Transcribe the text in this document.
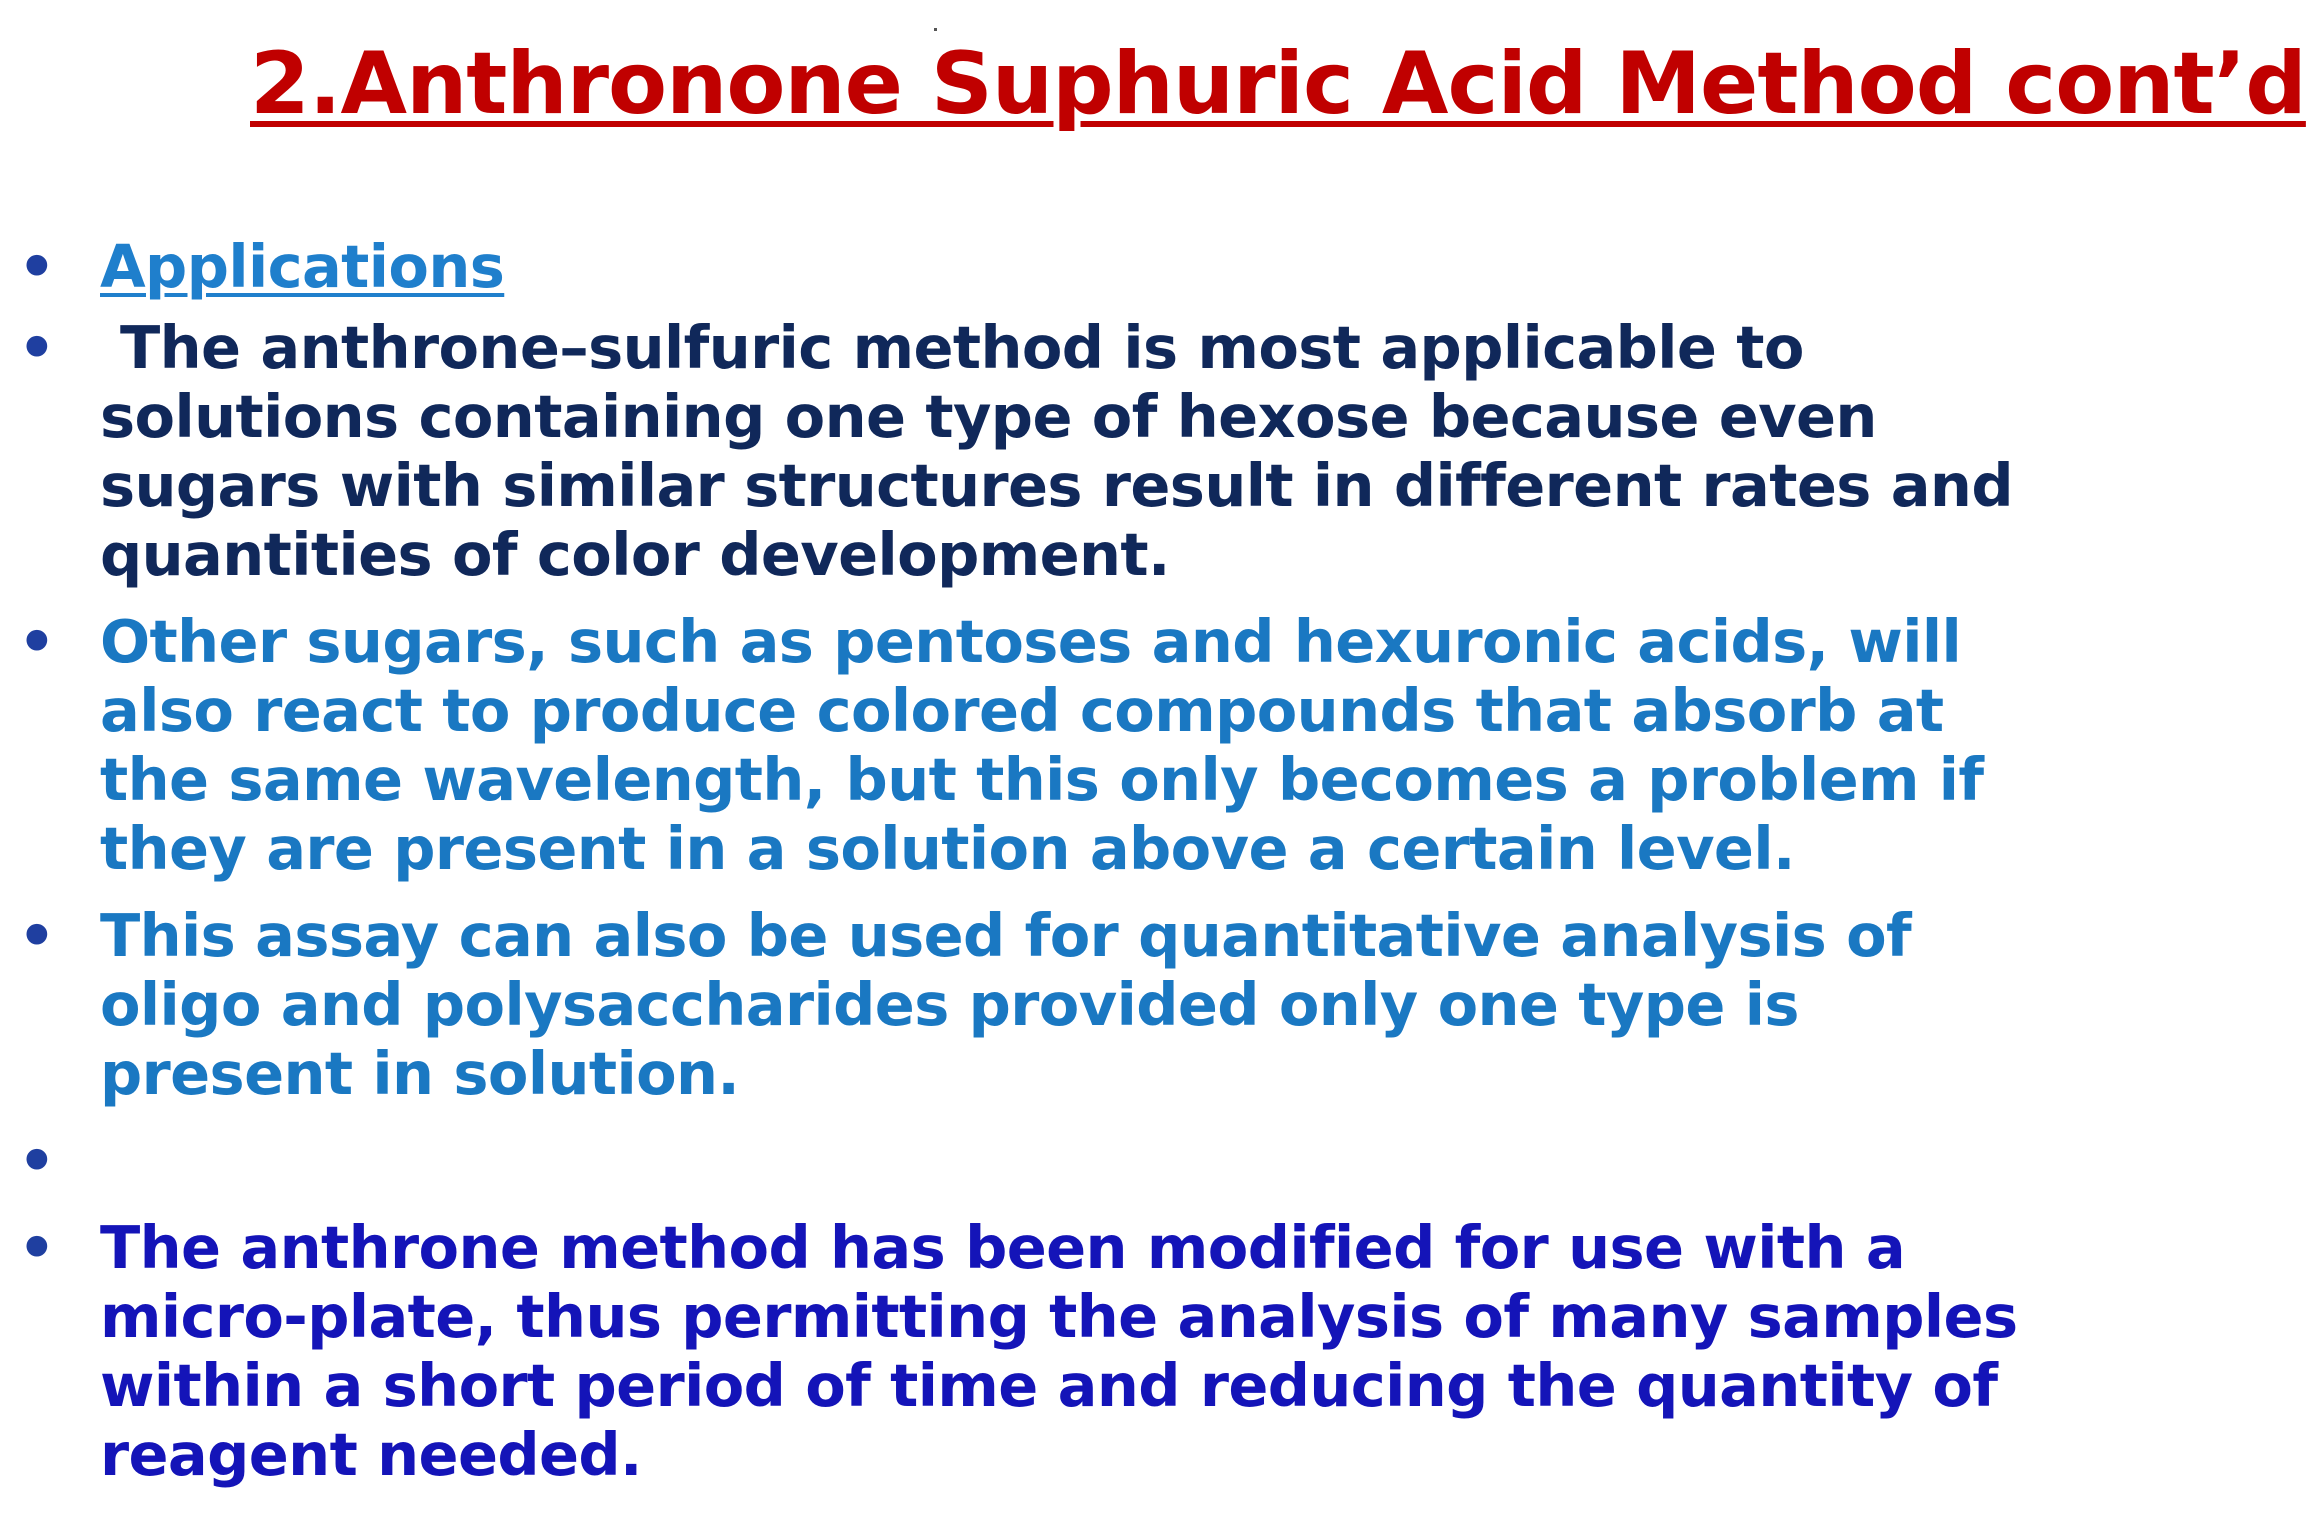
2.Anthronone Suphuric Acid Method cont’d
• Applications
• The anthrone–sulfuric method is most applicable to solutions containing one type of hexose because even sugars with similar structures result in different rates and quantities of color development.
• Other sugars, such as pentoses and hexuronic acids, will also react to produce colored compounds that absorb at the same wavelength, but this only becomes a problem if they are present in a solution above a certain level.
• This assay can also be used for quantitative analysis of oligo and polysaccharides provided only one type is present in solution.
•
• The anthrone method has been modified for use with a micro-plate, thus permitting the analysis of many samples within a short period of time and reducing the quantity of reagent needed.
